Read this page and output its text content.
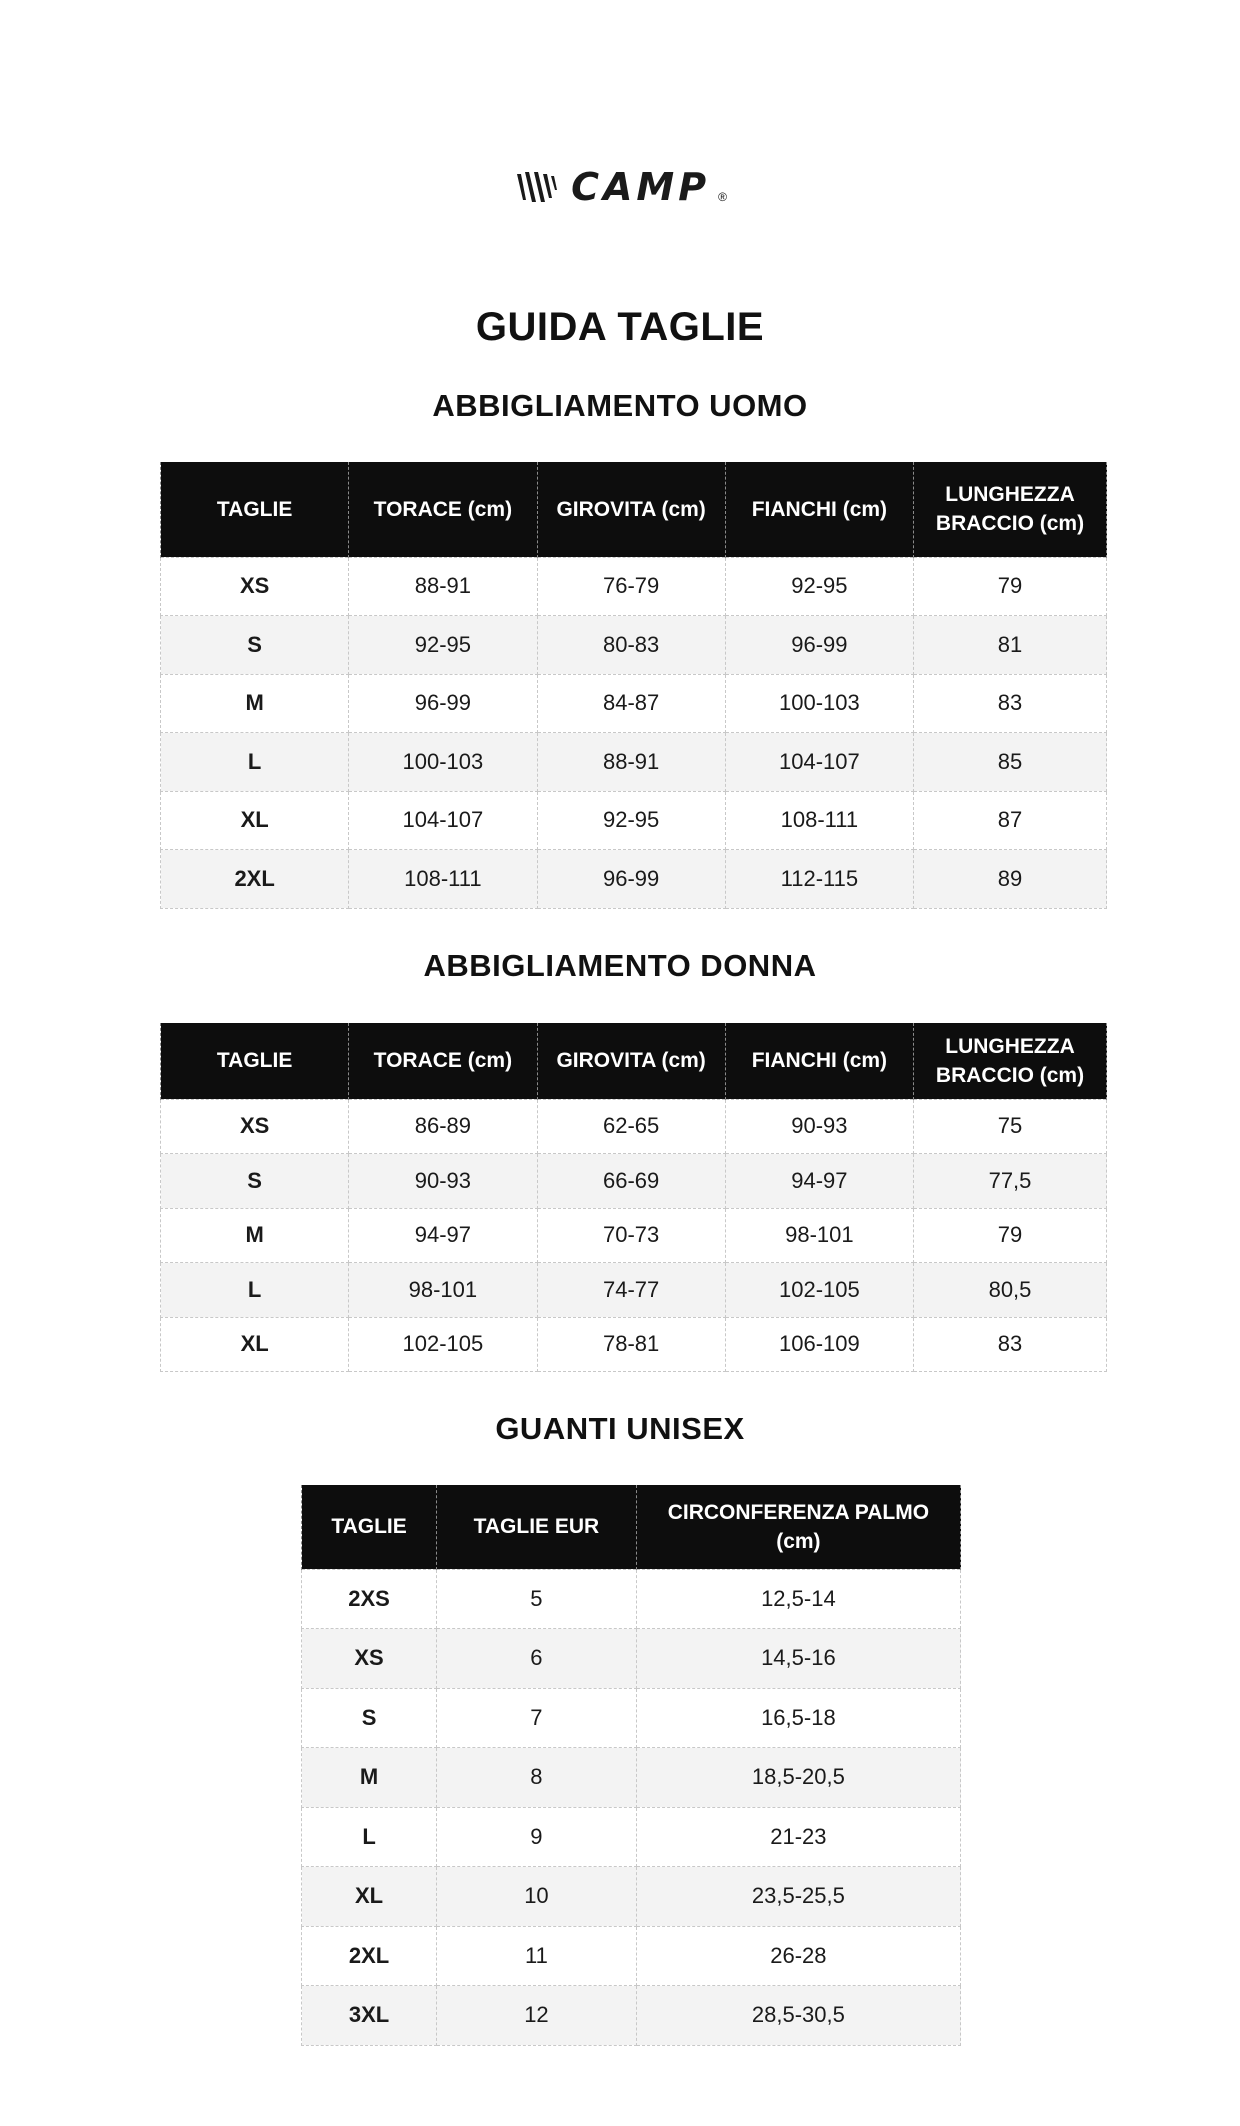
CAMP ®
GUIDA TAGLIE
ABBIGLIAMENTO UOMO
TAGLIE	TORACE (cm)	GIROVITA (cm)	FIANCHI (cm)	LUNGHEZZA BRACCIO (cm)
XS	88-91	76-79	92-95	79
S	92-95	80-83	96-99	81
M	96-99	84-87	100-103	83
L	100-103	88-91	104-107	85
XL	104-107	92-95	108-111	87
2XL	108-111	96-99	112-115	89
ABBIGLIAMENTO DONNA
TAGLIE	TORACE (cm)	GIROVITA (cm)	FIANCHI (cm)	LUNGHEZZA BRACCIO (cm)
XS	86-89	62-65	90-93	75
S	90-93	66-69	94-97	77,5
M	94-97	70-73	98-101	79
L	98-101	74-77	102-105	80,5
XL	102-105	78-81	106-109	83
GUANTI UNISEX
TAGLIE	TAGLIE EUR	CIRCONFERENZA PALMO (cm)
2XS	5	12,5-14
XS	6	14,5-16
S	7	16,5-18
M	8	18,5-20,5
L	9	21-23
XL	10	23,5-25,5
2XL	11	26-28
3XL	12	28,5-30,5
